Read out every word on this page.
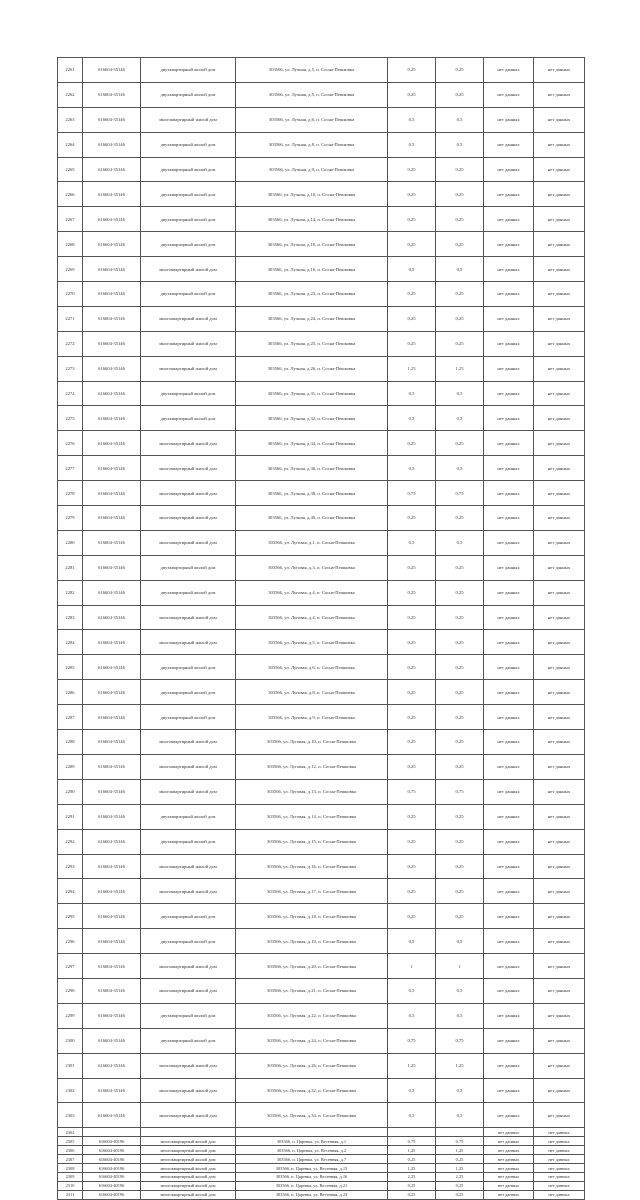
2261	616604-35146	двухквартирный жилой дом	303566, ул. Лучная, д.5, п. Сосна-Пешковка	0,25	0,25	нет данных	нет данных
2262	616604-35146	двухквартирный жилой дом	303566, ул. Лучная, д.5, п. Сосна-Пешковка	0,25	0,25	нет данных	нет данных
2263	616604-35146	многоквартирный жилой дом	303566, ул. Лучная, д.6, п. Сосна-Пешковка	0,5	0,5	нет данных	нет данных
2264	616604-35146	двухквартирный жилой дом	303566, ул. Лучная, д.8, п. Сосна-Пешковка	0,5	0,5	нет данных	нет данных
2265	616604-35146	двухквартирный жилой дом	303566, ул. Лучная, д.9, п. Сосна-Пешковка	0,25	0,25	нет данных	нет данных
2266	616604-35146	двухквартирный жилой дом	303566, ул. Лучная, д.10, п. Сосна-Пешковка	0,25	0,25	нет данных	нет данных
2267	616604-35146	двухквартирный жилой дом	303566, ул. Лучная, д.14, п. Сосна-Пешковка	0,25	0,25	нет данных	нет данных
2268	616604-35146	двухквартирный жилой дом	303566, ул. Лучная, д.18, п. Сосна-Пешковка	0,25	0,25	нет данных	нет данных
2269	616604-35146	многоквартирный жилой дом	303566, ул. Лучная, д.16, п. Сосна-Пешковка	0,5	0,5	нет данных	нет данных
2270	616604-35146	двухквартирный жилой дом	303566, ул. Лучная, д.23, п. Сосна-Пешковка	0,25	0,25	нет данных	нет данных
2271	616604-35146	многоквартирный жилой дом	303566, ул. Лучная, д.24, п. Сосна-Пешковка	0,25	0,25	нет данных	нет данных
2272	616604-35146	многоквартирный жилой дом	303566, ул. Лучная, д.25, п. Сосна-Пешковка	0,25	0,25	нет данных	нет данных
2273	616604-35146	многоквартирный жилой дом	303566, ул. Лучная, д.26, п. Сосна-Пешковка	1,25	1,25	нет данных	нет данных
2274	616604-35146	двухквартирный жилой дом	303566, ул. Лучная, д.31, п. Сосна-Пешковка	0,5	0,5	нет данных	нет данных
2275	616604-35146	двухквартирный жилой дом	303566, ул. Лучная, д.32, п. Сосна-Пешковка	0,5	0,5	нет данных	нет данных
2276	616604-35146	многоквартирный жилой дом	303566, ул. Лучная, д.34, п. Сосна-Пешковка	0,25	0,25	нет данных	нет данных
2277	616604-35146	многоквартирный жилой дом	303566, ул. Лучная, д.36, п. Сосна-Пешковка	0,5	0,5	нет данных	нет данных
2278	616604-35146	многоквартирный жилой дом	303566, ул. Лучная, д.38, п. Сосна-Пешковка	0,75	0,75	нет данных	нет данных
2279	616604-35146	многоквартирный жилой дом	303566, ул. Лучная, д.40, п. Сосна-Пешковка	0,25	0,25	нет данных	нет данных
2280	616604-35146	многоквартирный жилой дом	303566, ул. Луговая, д.1, п. Сосна-Пешковка	0,5	0,5	нет данных	нет данных
2281	616604-35146	двухквартирный жилой дом	303566, ул. Луговая, д.3, п. Сосна-Пешковка	0,25	0,25	нет данных	нет данных
2282	616604-35146	двухквартирный жилой дом	303566, ул. Луговая, д.4, п. Сосна-Пешковка	0,25	0,25	нет данных	нет данных
2283	616604-35146	многоквартирный жилой дом	303566, ул. Луговая, д.4, п. Сосна-Пешковка	0,25	0,25	нет данных	нет данных
2284	616604-35146	многоквартирный жилой дом	303566, ул. Луговая, д.5, п. Сосна-Пешковка	0,25	0,25	нет данных	нет данных
2285	616604-35146	двухквартирный жилой дом	303566, ул. Луговая, д.6, п. Сосна-Пешковка	0,25	0,25	нет данных	нет данных
2286	616604-35146	двухквартирный жилой дом	303566, ул. Луговая, д.8, п. Сосна-Пешковка	0,25	0,25	нет данных	нет данных
2287	616604-35146	двухквартирный жилой дом	303566, ул. Луговая, д.9, п. Сосна-Пешковка	0,25	0,25	нет данных	нет данных
2288	616604-35146	многоквартирный жилой дом	303566, ул. Луговая, д.10, п. Сосна-Пешковка	0,25	0,25	нет данных	нет данных
2289	616604-35146	многоквартирный жилой дом	303566, ул. Луговая, д.12, п. Сосна-Пешковка	0,25	0,25	нет данных	нет данных
2290	616604-35146	многоквартирный жилой дом	303566, ул. Луговая, д.13, п. Сосна-Пешковка	0,75	0,75	нет данных	нет данных
2291	616604-35146	двухквартирный жилой дом	303566, ул. Луговая, д.14, п. Сосна-Пешковка	0,25	0,25	нет данных	нет данных
2292	616604-35146	двухквартирный жилой дом	303566, ул. Луговая, д.15, п. Сосна-Пешковка	0,25	0,25	нет данных	нет данных
2293	616604-35146	многоквартирный жилой дом	303566, ул. Луговая, д.16, п. Сосна-Пешковка	0,25	0,25	нет данных	нет данных
2294	616604-35146	многоквартирный жилой дом	303566, ул. Луговая, д.17, п. Сосна-Пешковка	0,25	0,25	нет данных	нет данных
2295	616604-35146	двухквартирный жилой дом	303566, ул. Луговая, д.18, п. Сосна-Пешковка	0,25	0,25	нет данных	нет данных
2296	616604-35146	двухквартирный жилой дом	303566, ул. Луговая, д.19, п. Сосна-Пешковка	0,5	0,5	нет данных	нет данных
2297	616604-35146	многоквартирный жилой дом	303566, ул. Луговая, д.20, п. Сосна-Пешковка	1	1	нет данных	нет данных
2298	616604-35146	многоквартирный жилой дом	303566, ул. Луговая, д.21, п. Сосна-Пешковка	0,5	0,5	нет данных	нет данных
2299	616604-35146	двухквартирный жилой дом	303566, ул. Луговая, д.22, п. Сосна-Пешковка	0,5	0,5	нет данных	нет данных
2300	616604-35146	двухквартирный жилой дом	303566, ул. Луговая, д.24, п. Сосна-Пешковка	0,75	0,75	нет данных	нет данных
2301	616604-35146	многоквартирный жилой дом	303566, ул. Луговая, д.26, п. Сосна-Пешковка	1,25	1,25	нет данных	нет данных
2302	616604-35146	многоквартирный жилой дом	303566, ул. Луговая, д.32, п. Сосна-Пешковка	0,5	0,5	нет данных	нет данных
2303	616604-35146	многоквартирный жилой дом	303566, ул. Луговая, д.34, п. Сосна-Пешковка	0,5	0,5	нет данных	нет данных
2304						нет данных	нет данных
2305	616604-40196	многоквартирный жилой дом	303566, п. Царевка, ул. Весенняя, д.1	0,75	0,75	нет данных	нет данных
2306	616604-40196	многоквартирный жилой дом	303566, п. Царевка, ул. Весенняя, д.2	1,25	1,25	нет данных	нет данных
2307	616604-40196	многоквартирный жилой дом	303566, п. Царевка, ул. Весенняя, д.7	0,25	0,25	нет данных	нет данных
2308	616604-40196	многоквартирный жилой дом	303566, п. Царевка, ул. Весенняя, д.15	1,25	1,25	нет данных	нет данных
2309	616604-40196	многоквартирный жилой дом	303566, п. Царевка, ул. Весенняя, д.16	2,25	2,25	нет данных	нет данных
2310	616604-40196	многоквартирный жилой дом	303566, п. Царевка, ул. Весенняя, д.21	0,25	0,25	нет данных	нет данных
2311	616604-40196	многоквартирный жилой дом	303566, п. Царевка, ул. Весенняя, д.23	0,25	0,25	нет данных	нет данных
